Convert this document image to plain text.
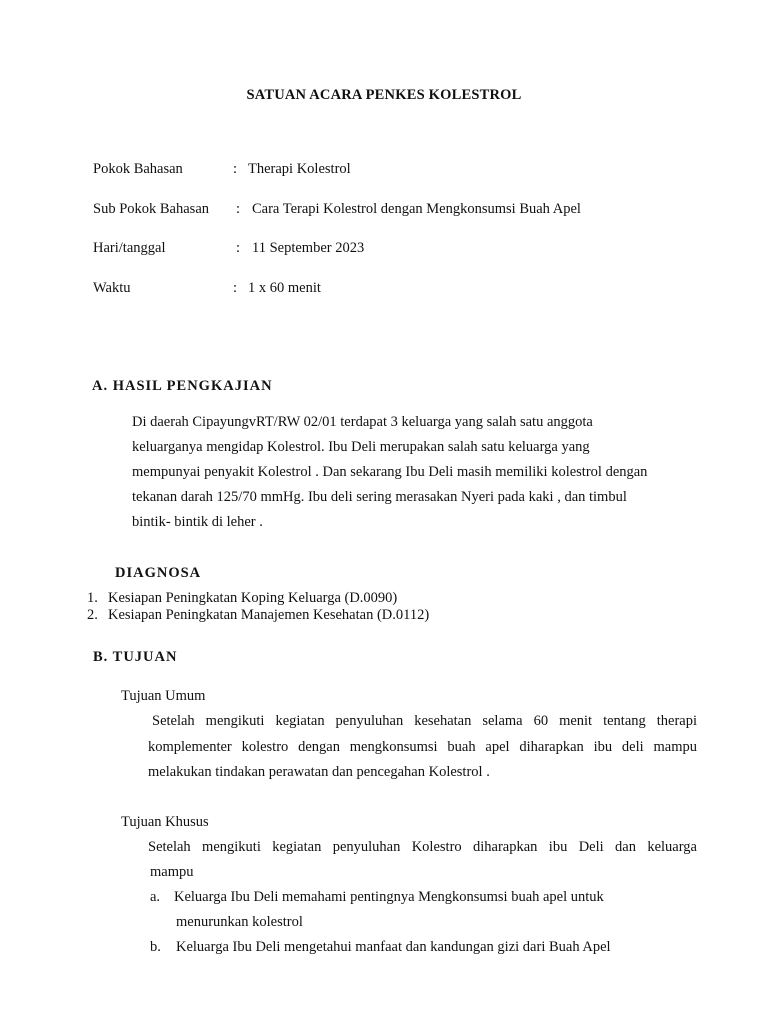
SATUAN ACARA PENKES KOLESTROL
Pokok Bahasan	: Therapi Kolestrol
Sub Pokok Bahasan : Cara Terapi Kolestrol dengan Mengkonsumsi Buah Apel
Hari/tanggal	: 11 September 2023
Waktu	: 1 x 60 menit
A. HASIL PENGKAJIAN
Di daerah CipayungvRT/RW 02/01 terdapat 3 keluarga yang salah satu anggota
keluarganya mengidap Kolestrol. Ibu Deli merupakan salah satu keluarga yang
mempunyai penyakit Kolestrol . Dan sekarang Ibu Deli masih memiliki kolestrol dengan
tekanan darah 125/70 mmHg. Ibu deli sering merasakan Nyeri pada kaki , dan timbul
bintik- bintik di leher .
DIAGNOSA
1. Kesiapan Peningkatan Koping Keluarga (D.0090)
2. Kesiapan Peningkatan Manajemen Kesehatan (D.0112)
B. TUJUAN
Tujuan Umum
Setelah mengikuti kegiatan penyuluhan kesehatan selama 60 menit tentang therapi
komplementer kolestro dengan mengkonsumsi buah apel diharapkan ibu deli mampu
melakukan tindakan perawatan dan pencegahan Kolestrol .
Tujuan Khusus
Setelah mengikuti kegiatan penyuluhan Kolestro diharapkan ibu Deli dan keluarga
mampu
a. Keluarga Ibu Deli memahami pentingnya Mengkonsumsi buah apel untuk
menurunkan kolestrol
b. Keluarga Ibu Deli mengetahui manfaat dan kandungan gizi dari Buah Apel
